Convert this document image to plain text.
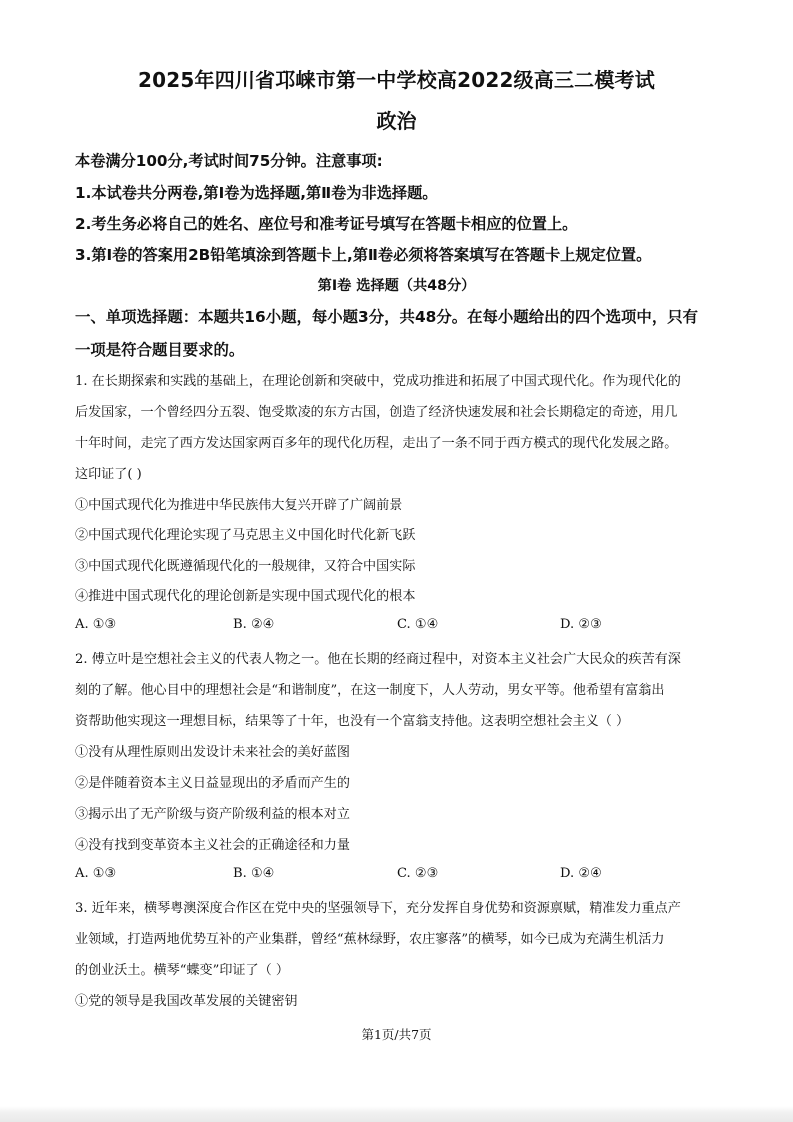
2025年四川省邛崃市第一中学校高2022级高三二模考试
政治
本卷满分100分,考试时间75分钟。注意事项:
1.本试卷共分两卷,第Ⅰ卷为选择题,第Ⅱ卷为非选择题。
2.考生务必将自己的姓名、座位号和准考证号填写在答题卡相应的位置上。
3.第Ⅰ卷的答案用2B铅笔填涂到答题卡上,第Ⅱ卷必须将答案填写在答题卡上规定位置。
第Ⅰ卷 选择题（共48分）
一、单项选择题：本题共16小题，每小题3分，共48分。在每小题给出的四个选项中，只有
一项是符合题目要求的。
1. 在长期探索和实践的基础上，在理论创新和突破中，党成功推进和拓展了中国式现代化。作为现代化的
后发国家，一个曾经四分五裂、饱受欺凌的东方古国，创造了经济快速发展和社会长期稳定的奇迹，用几
十年时间，走完了西方发达国家两百多年的现代化历程，走出了一条不同于西方模式的现代化发展之路。
这印证了( )
①中国式现代化为推进中华民族伟大复兴开辟了广阔前景
②中国式现代化理论实现了马克思主义中国化时代化新飞跃
③中国式现代化既遵循现代化的一般规律，又符合中国实际
④推进中国式现代化的理论创新是实现中国式现代化的根本
A. ①③	B. ②④	C. ①④	D. ②③
2. 傅立叶是空想社会主义的代表人物之一。他在长期的经商过程中，对资本主义社会广大民众的疾苦有深
刻的了解。他心目中的理想社会是“和谐制度”，在这一制度下，人人劳动，男女平等。他希望有富翁出
资帮助他实现这一理想目标，结果等了十年，也没有一个富翁支持他。这表明空想社会主义（ ）
①没有从理性原则出发设计未来社会的美好蓝图
②是伴随着资本主义日益显现出的矛盾而产生的
③揭示出了无产阶级与资产阶级利益的根本对立
④没有找到变革资本主义社会的正确途径和力量
A. ①③	B. ①④	C. ②③	D. ②④
3. 近年来，横琴粤澳深度合作区在党中央的坚强领导下，充分发挥自身优势和资源禀赋，精准发力重点产
业领域，打造两地优势互补的产业集群，曾经“蕉林绿野，农庄寥落”的横琴，如今已成为充满生机活力
的创业沃土。横琴“蝶变”印证了（ ）
①党的领导是我国改革发展的关键密钥
第1页/共7页
